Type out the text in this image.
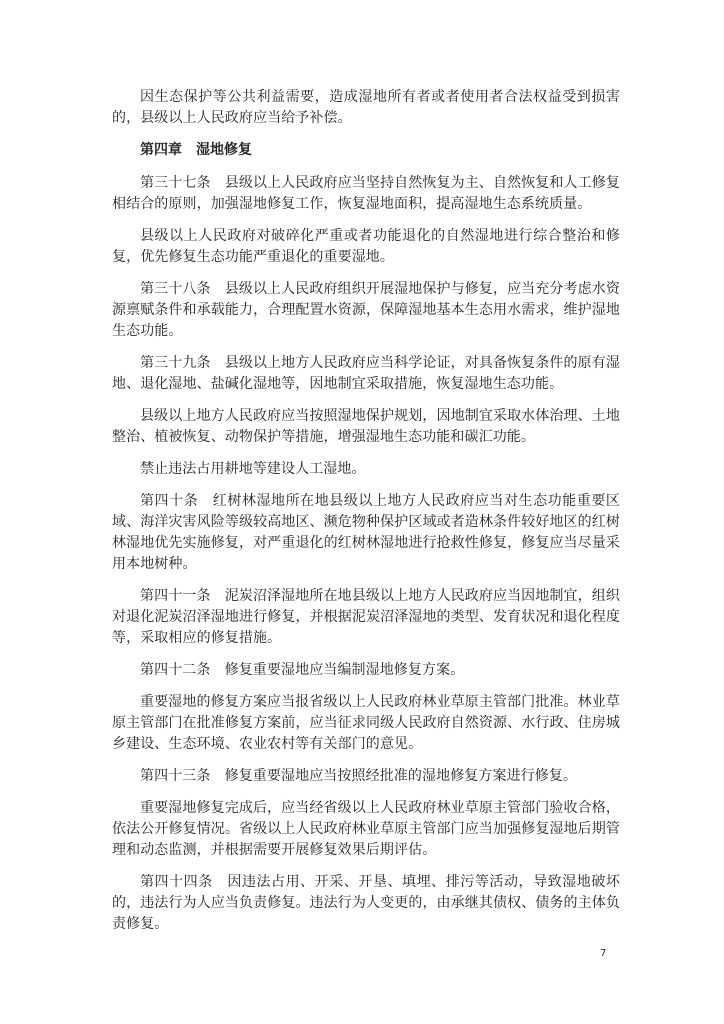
因生态保护等公共利益需要，造成湿地所有者或者使用者合法权益受到损害的，县级以上人民政府应当给予补偿。

第四章　湿地修复

第三十七条　县级以上人民政府应当坚持自然恢复为主、自然恢复和人工修复相结合的原则，加强湿地修复工作，恢复湿地面积，提高湿地生态系统质量。

县级以上人民政府对破碎化严重或者功能退化的自然湿地进行综合整治和修复，优先修复生态功能严重退化的重要湿地。

第三十八条　县级以上人民政府组织开展湿地保护与修复，应当充分考虑水资源禀赋条件和承载能力，合理配置水资源，保障湿地基本生态用水需求，维护湿地生态功能。

第三十九条　县级以上地方人民政府应当科学论证，对具备恢复条件的原有湿地、退化湿地、盐碱化湿地等，因地制宜采取措施，恢复湿地生态功能。

县级以上地方人民政府应当按照湿地保护规划，因地制宜采取水体治理、土地整治、植被恢复、动物保护等措施，增强湿地生态功能和碳汇功能。

禁止违法占用耕地等建设人工湿地。

第四十条　红树林湿地所在地县级以上地方人民政府应当对生态功能重要区域、海洋灾害风险等级较高地区、濒危物种保护区域或者造林条件较好地区的红树林湿地优先实施修复，对严重退化的红树林湿地进行抢救性修复，修复应当尽量采用本地树种。

第四十一条　泥炭沼泽湿地所在地县级以上地方人民政府应当因地制宜，组织对退化泥炭沼泽湿地进行修复，并根据泥炭沼泽湿地的类型、发育状况和退化程度等，采取相应的修复措施。

第四十二条　修复重要湿地应当编制湿地修复方案。

重要湿地的修复方案应当报省级以上人民政府林业草原主管部门批准。林业草原主管部门在批准修复方案前，应当征求同级人民政府自然资源、水行政、住房城乡建设、生态环境、农业农村等有关部门的意见。

第四十三条　修复重要湿地应当按照经批准的湿地修复方案进行修复。

重要湿地修复完成后，应当经省级以上人民政府林业草原主管部门验收合格，依法公开修复情况。省级以上人民政府林业草原主管部门应当加强修复湿地后期管理和动态监测，并根据需要开展修复效果后期评估。

第四十四条　因违法占用、开采、开垦、填埋、排污等活动，导致湿地破坏的，违法行为人应当负责修复。违法行为人变更的，由承继其债权、债务的主体负责修复。

7
